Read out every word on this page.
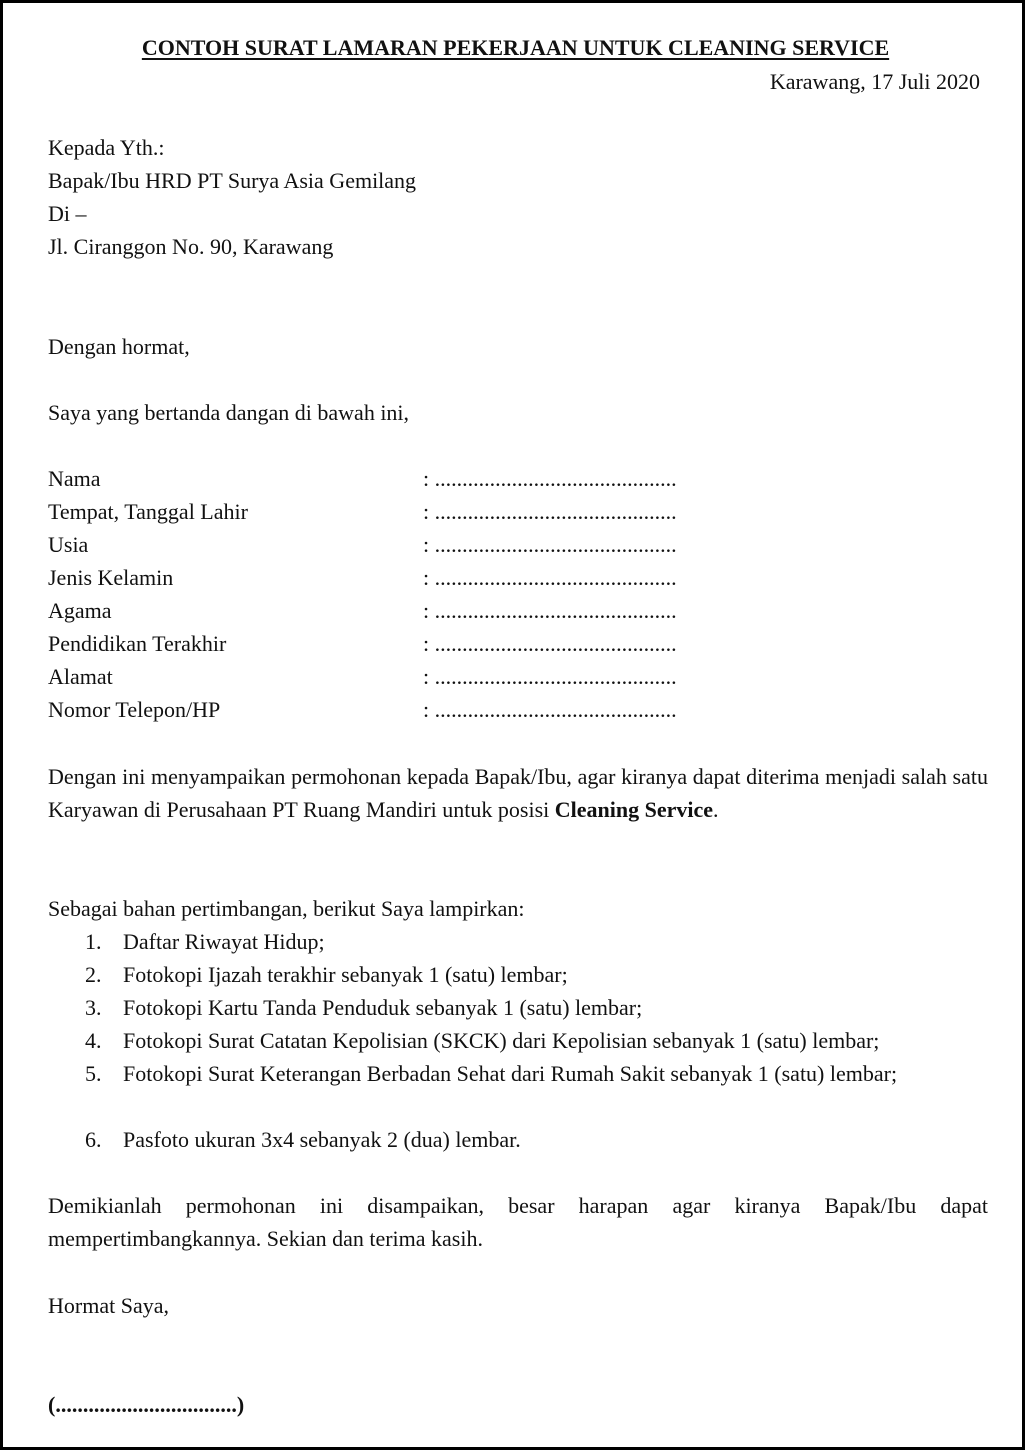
CONTOH SURAT LAMARAN PEKERJAAN UNTUK CLEANING SERVICE
Karawang, 17 Juli 2020
Kepada Yth.:
Bapak/Ibu HRD PT Surya Asia Gemilang
Di –
Jl. Ciranggon No. 90, Karawang
Dengan hormat,
Saya yang bertanda dangan di bawah ini,
Nama	: ............................................
Tempat, Tanggal Lahir	: ............................................
Usia	: ............................................
Jenis Kelamin	: ............................................
Agama	: ............................................
Pendidikan Terakhir	: ............................................
Alamat	: ............................................
Nomor Telepon/HP	: ............................................
Dengan ini menyampaikan permohonan kepada Bapak/Ibu, agar kiranya dapat diterima menjadi salah satu Karyawan di Perusahaan PT Ruang Mandiri untuk posisi Cleaning Service.
Sebagai bahan pertimbangan, berikut Saya lampirkan:
1. Daftar Riwayat Hidup;
2. Fotokopi Ijazah terakhir sebanyak 1 (satu) lembar;
3. Fotokopi Kartu Tanda Penduduk sebanyak 1 (satu) lembar;
4. Fotokopi Surat Catatan Kepolisian (SKCK) dari Kepolisian sebanyak 1 (satu) lembar;
5. Fotokopi Surat Keterangan Berbadan Sehat dari Rumah Sakit sebanyak 1 (satu) lembar;
6. Pasfoto ukuran 3x4 sebanyak 2 (dua) lembar.
Demikianlah permohonan ini disampaikan, besar harapan agar kiranya Bapak/Ibu dapat mempertimbangkannya. Sekian dan terima kasih.
Hormat Saya,
(.................................)
